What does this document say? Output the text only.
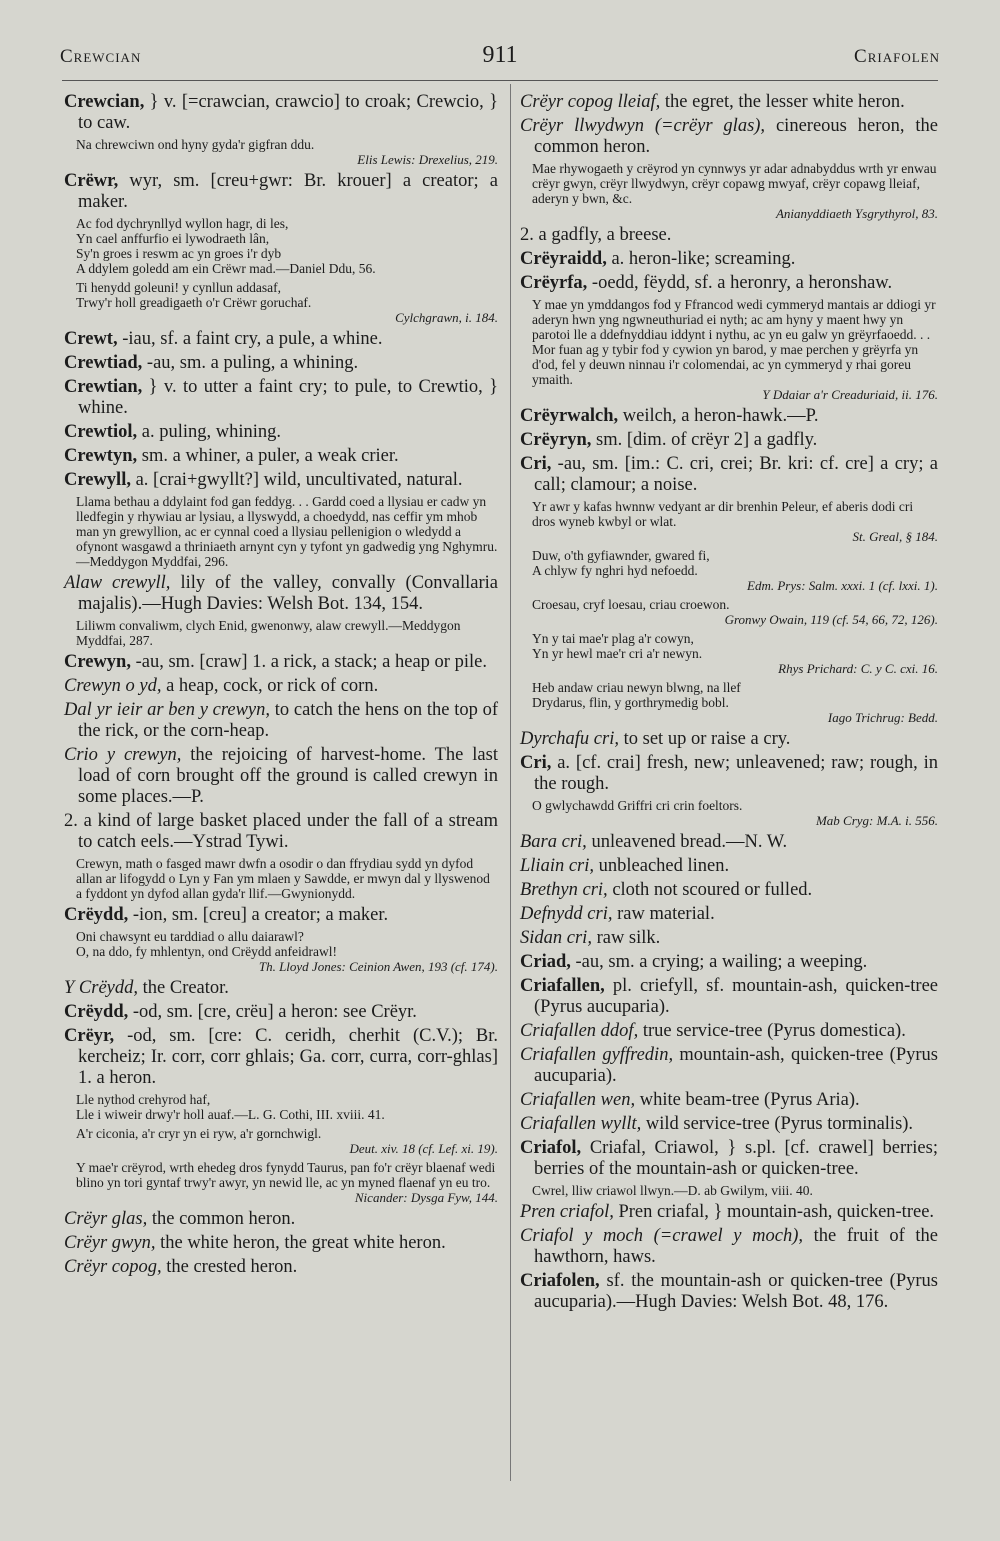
Crewcian	911	Criafolen
Crewcian, } v. [=crawcian, crawcio] to croak; Crewcio, } to caw.
Na chrewciwn ond hyny gyda'r gigfran ddu.
Elis Lewis: Drexelius, 219.
Crëwr, wyr, sm. [creu+gwr: Br. krouer] a creator; a maker.
Ac fod dychrynllyd wyllon hagr, di les,
Yn cael anffurfio ei lywodraeth lân,
Sy'n groes i reswm ac yn groes i'r dyb
A ddylem goledd am ein Crëwr mad.—Daniel Ddu, 56.
Ti henydd goleuni! y cynllun addasaf,
Trwy'r holl greadigaeth o'r Crëwr goruchaf.
Cylchgrawn, i. 184.
Crewt, -iau, sf. a faint cry, a pule, a whine.
Crewtiad, -au, sm. a puling, a whining.
Crewtian, } v. to utter a faint cry; to pule, to Crewtio, } whine.
Crewtiol, a. puling, whining.
Crewtyn, sm. a whiner, a puler, a weak crier.
Crewyll, a. [crai+gwyllt?] wild, uncultivated, natural.
Llama bethau a ddylaint fod gan feddyg. . . Gardd coed a llysiau er cadw yn lledfegin y rhywiau ar lysiau, a llyswydd, a choedydd, nas ceffir ym mhob man yn grewyllion, ac er cynnal coed a llysiau pellenigion o wledydd a ofynont wasgawd a thriniaeth arnynt cyn y tyfont yn gadwedig yng Nghymru.—Meddygon Myddfai, 296.
Alaw crewyll, lily of the valley, convally (Convallaria majalis).—Hugh Davies: Welsh Bot. 134, 154.
Liliwm convaliwm, clych Enid, gwenonwy, alaw crewyll.—Meddygon Myddfai, 287.
Crewyn, -au, sm. [craw] 1. a rick, a stack; a heap or pile.
Crewyn o yd, a heap, cock, or rick of corn.
Dal yr ieir ar ben y crewyn, to catch the hens on the top of the rick, or the corn-heap.
Crio y crewyn, the rejoicing of harvest-home. The last load of corn brought off the ground is called crewyn in some places.—P.
2. a kind of large basket placed under the fall of a stream to catch eels.—Ystrad Tywi.
Crewyn, math o fasged mawr dwfn a osodir o dan ffrydiau sydd yn dyfod allan ar lifogydd o Lyn y Fan ym mlaen y Sawdde, er mwyn dal y llyswenod a fyddont yn dyfod allan gyda'r llif.—Gwynionydd.
Crëydd, -ion, sm. [creu] a creator; a maker.
Oni chawsynt eu tarddiad o allu daiarawl?
O, na ddo, fy mhlentyn, ond Crëydd anfeidrawl!
Th. Lloyd Jones: Ceinion Awen, 193 (cf. 174).
Y Crëydd, the Creator.
Crëydd, -od, sm. [cre, crëu] a heron: see Crëyr.
Crëyr, -od, sm. [cre: C. ceridh, cherhit (C.V.); Br. kercheiz; Ir. corr, corr ghlais; Ga. corr, curra, corr-ghlas] 1. a heron.
Lle nythod crehyrod haf,
Lle i wiweir drwy'r holl auaf.—L. G. Cothi, III. xviii. 41.
A'r ciconia, a'r cryr yn ei ryw, a'r gornchwigl.
Deut. xiv. 18 (cf. Lef. xi. 19).
Y mae'r crëyrod, wrth ehedeg dros fynydd Taurus, pan fo'r crëyr blaenaf wedi blino yn tori gyntaf trwy'r awyr, yn newid lle, ac yn myned flaenaf yn eu tro.
Nicander: Dysga Fyw, 144.
Crëyr glas, the common heron.
Crëyr gwyn, the white heron, the great white heron.
Crëyr copog, the crested heron.
Crëyr copog lleiaf, the egret, the lesser white heron.
Crëyr llwydwyn (=crëyr glas), cinereous heron, the common heron.
Mae rhywogaeth y crëyrod yn cynnwys yr adar adnabyddus wrth yr enwau crëyr gwyn, crëyr llwydwyn, crëyr copawg mwyaf, crëyr copawg lleiaf, aderyn y bwn, &c.
Anianyddiaeth Ysgrythyrol, 83.
2. a gadfly, a breese.
Crëyraidd, a. heron-like; screaming.
Crëyrfa, -oedd, fëydd, sf. a heronry, a heronshaw.
Y mae yn ymddangos fod y Ffrancod wedi cymmeryd mantais ar ddiogi yr aderyn hwn yng ngwneuthuriad ei nyth; ac am hyny y maent hwy yn parotoi lle a ddefnyddiau iddynt i nythu, ac yn eu galw yn grëyrfaoedd. . . Mor fuan ag y tybir fod y cywion yn barod, y mae perchen y grëyrfa yn d'od, fel y deuwn ninnau i'r colomendai, ac yn cymmeryd y rhai goreu ymaith.
Y Ddaiar a'r Creaduriaid, ii. 176.
Crëyrwalch, weilch, a heron-hawk.—P.
Crëyryn, sm. [dim. of crëyr 2] a gadfly.
Cri, -au, sm. [im.: C. cri, crei; Br. kri: cf. cre] a cry; a call; clamour; a noise.
Yr awr y kafas hwnnw vedyant ar dir brenhin Peleur, ef aberis dodi cri dros wyneb kwbyl or wlat.
St. Greal, § 184.
Duw, o'th gyfiawnder, gwared fi,
A chlyw fy nghri hyd nefoedd.
Edm. Prys: Salm. xxxi. 1 (cf. lxxi. 1).
Croesau, cryf loesau, criau croewon.
Gronwy Owain, 119 (cf. 54, 66, 72, 126).
Yn y tai mae'r plag a'r cowyn,
Yn yr hewl mae'r cri a'r newyn.
Rhys Prichard: C. y C. cxi. 16.
Heb andaw criau newyn blwng, na llef
Drydarus, flin, y gorthrymedig bobl.
Iago Trichrug: Bedd.
Dyrchafu cri, to set up or raise a cry.
Cri, a. [cf. crai] fresh, new; unleavened; raw; rough, in the rough.
O gwlychawdd Griffri cri crin foeltors.
Mab Cryg: M.A. i. 556.
Bara cri, unleavened bread.—N. W.
Lliain cri, unbleached linen.
Brethyn cri, cloth not scoured or fulled.
Defnydd cri, raw material.
Sidan cri, raw silk.
Criad, -au, sm. a crying; a wailing; a weeping.
Criafallen, pl. criefyll, sf. mountain-ash, quicken-tree (Pyrus aucuparia).
Criafallen ddof, true service-tree (Pyrus domestica).
Criafallen gyffredin, mountain-ash, quicken-tree (Pyrus aucuparia).
Criafallen wen, white beam-tree (Pyrus Aria).
Criafallen wyllt, wild service-tree (Pyrus torminalis).
Criafol, Criafal, Criawol, } s.pl. [cf. crawel] berries; berries of the mountain-ash or quicken-tree.
Cwrel, lliw criawol llwyn.—D. ab Gwilym, viii. 40.
Pren criafol, Pren criafal, } mountain-ash, quicken-tree.
Criafol y moch (=crawel y moch), the fruit of the hawthorn, haws.
Criafolen, sf. the mountain-ash or quicken-tree (Pyrus aucuparia).—Hugh Davies: Welsh Bot. 48, 176.
